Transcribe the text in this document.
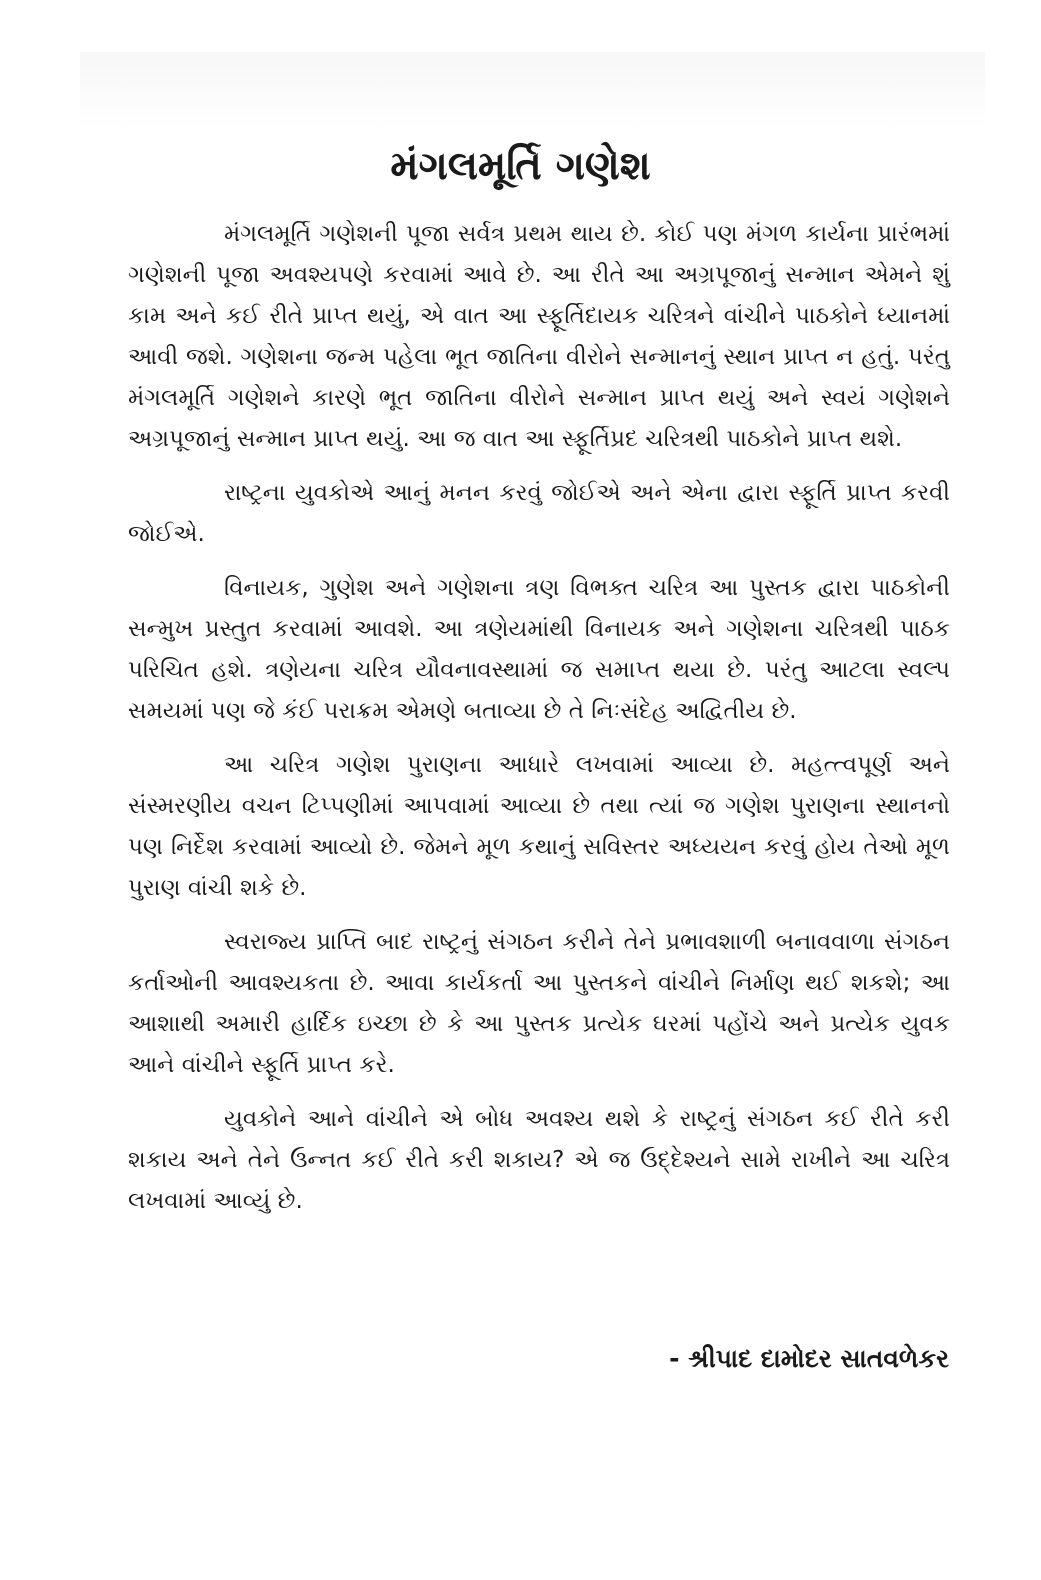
મંગલમૂર્તિ ગણેશ

મંગલમૂર્તિ ગણેશની પૂજા સર્વત્ર પ્રથમ થાય છે. કોઈ પણ મંગળ કાર્યના પ્રારંભમાં ગણેશની પૂજા અવશ્યપણે કરવામાં આવે છે. આ રીતે આ અગ્રપૂજાનું સન્માન એમને શું કામ અને કઈ રીતે પ્રાપ્ત થયું, એ વાત આ સ્ફૂર્તિદાયક ચરિત્રને વાંચીને પાઠકોને ધ્યાનમાં આવી જશે. ગણેશના જન્મ પહેલા ભૂત જાતિના વીરોને સન્માનનું સ્થાન પ્રાપ્ત ન હતું. પરંતુ મંગલમૂર્તિ ગણેશને કારણે ભૂત જાતિના વીરોને સન્માન પ્રાપ્ત થયું અને સ્વયં ગણેશને અગ્રપૂજાનું સન્માન પ્રાપ્ત થયું. આ જ વાત આ સ્ફૂર્તિપ્રદ ચરિત્રથી પાઠકોને પ્રાપ્ત થશે.

રાષ્ટ્રના યુવકોએ આનું મનન કરવું જોઈએ અને એના દ્વારા સ્ફૂર્તિ પ્રાપ્ત કરવી જોઈએ.

વિનાયક, ગુણેશ અને ગણેશના ત્રણ વિભક્ત ચરિત્ર આ પુસ્તક દ્વારા પાઠકોની સન્મુખ પ્રસ્તુત કરવામાં આવશે. આ ત્રણેયમાંથી વિનાયક અને ગણેશના ચરિત્રથી પાઠક પરિચિત હશે. ત્રણેયના ચરિત્ર યૌવનાવસ્થામાં જ સમાપ્ત થયા છે. પરંતુ આટલા સ્વલ્પ સમયમાં પણ જે કંઈ પરાક્રમ એમણે બતાવ્યા છે તે નિઃસંદેહ અદ્વિતીય છે.

આ ચરિત્ર ગણેશ પુરાણના આધારે લખવામાં આવ્યા છે. મહત્ત્વપૂર્ણ અને સંસ્મરણીય વચન ટિપ્પણીમાં આપવામાં આવ્યા છે તથા ત્યાં જ ગણેશ પુરાણના સ્થાનનો પણ નિર્દેશ કરવામાં આવ્યો છે. જેમને મૂળ કથાનું સવિસ્તર અધ્યયન કરવું હોય તેઓ મૂળ પુરાણ વાંચી શકે છે.

સ્વરાજ્ય પ્રાપ્તિ બાદ રાષ્ટ્રનું સંગઠન કરીને તેને પ્રભાવશાળી બનાવવાળા સંગઠન કર્તાઓની આવશ્યકતા છે. આવા કાર્યકર્તા આ પુસ્તકને વાંચીને નિર્માણ થઈ શકશે; આ આશાથી અમારી હાર્દિક ઇચ્છા છે કે આ પુસ્તક પ્રત્યેક ઘરમાં પહોંચે અને પ્રત્યેક યુવક આને વાંચીને સ્ફૂર્તિ પ્રાપ્ત કરે.

યુવકોને આને વાંચીને એ બોધ અવશ્ય થશે કે રાષ્ટ્રનું સંગઠન કઈ રીતે કરી શકાય અને તેને ઉન્નત કઈ રીતે કરી શકાય? એ જ ઉદ્દેશ્યને સામે રાખીને આ ચરિત્ર લખવામાં આવ્યું છે.

- શ્રીપાદ દામોદર સાતવળેકર
